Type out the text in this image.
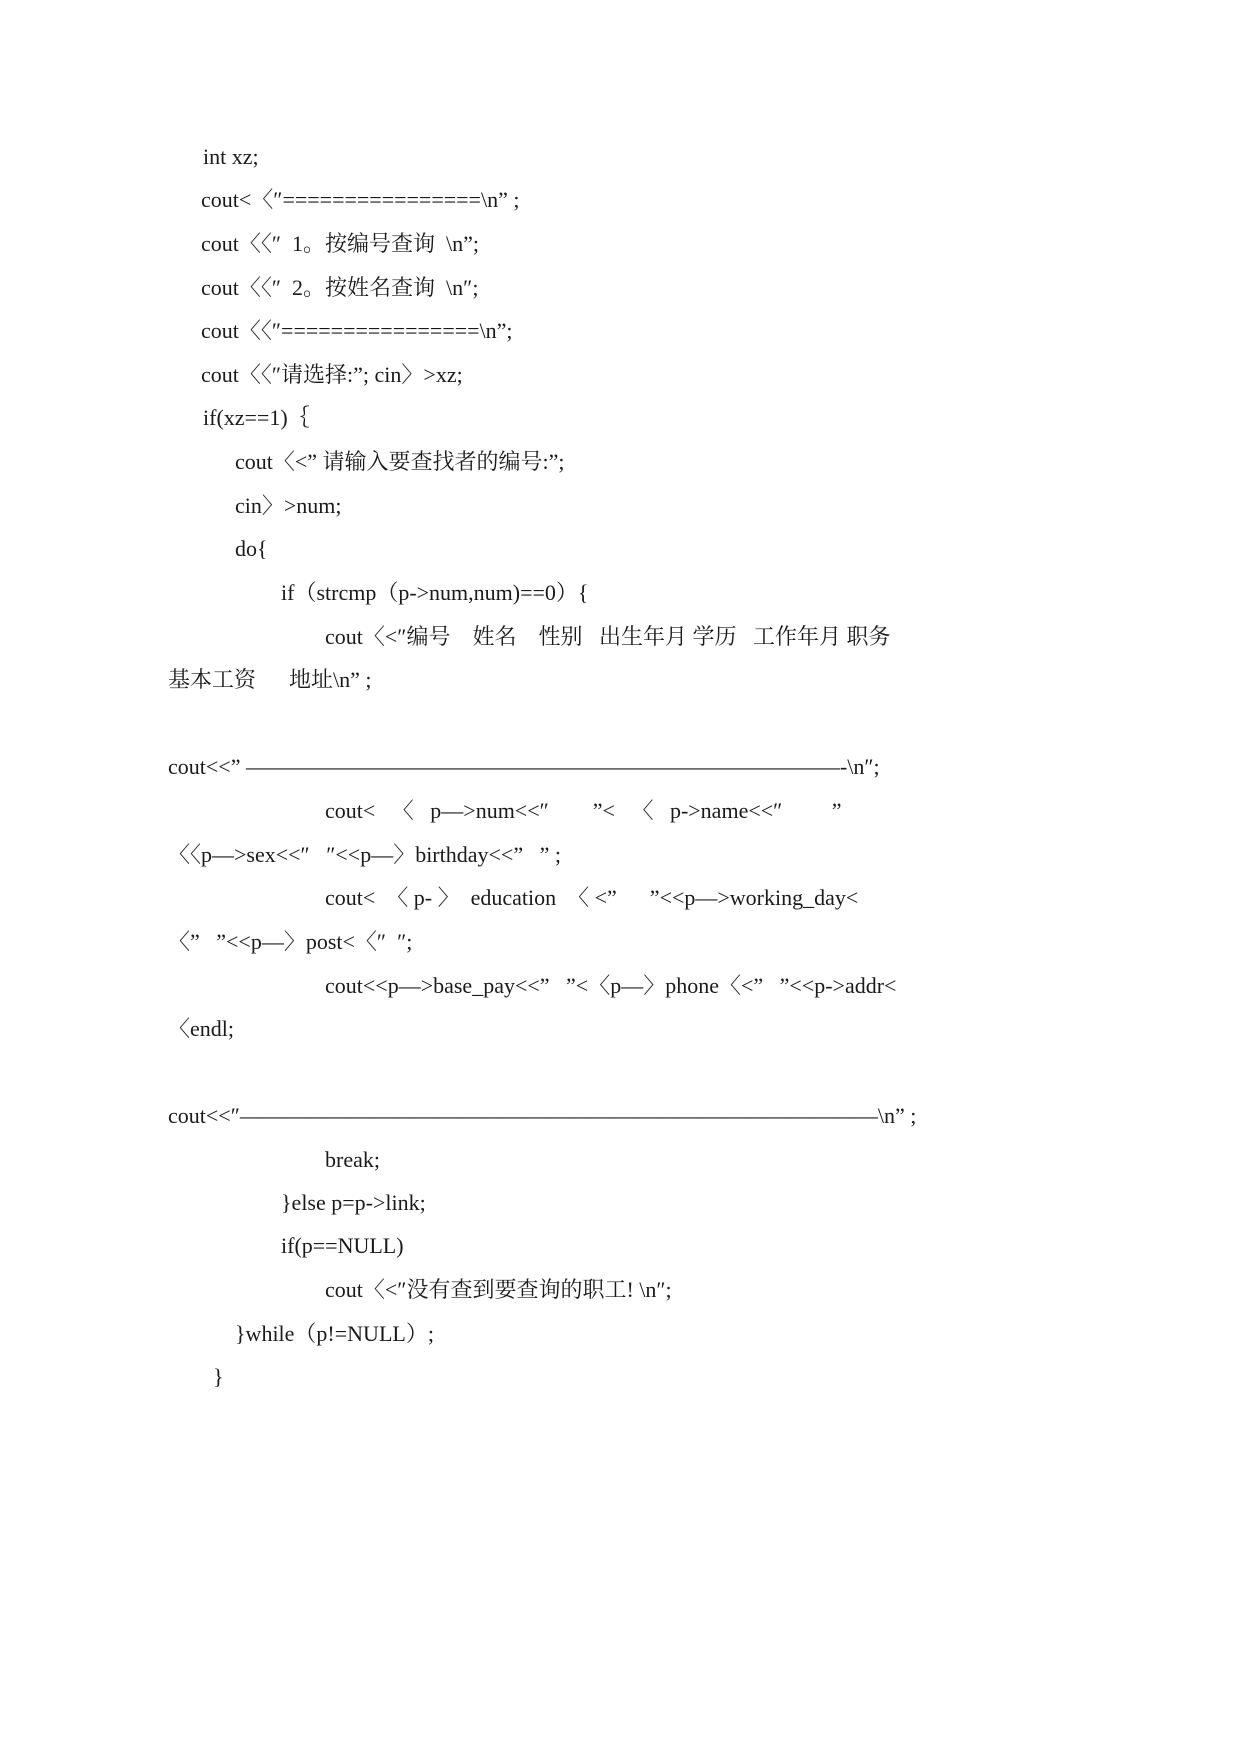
int xz;
cout<〈″================\n” ;
cout〈〈″  1。按编号查询  \n”;
cout〈〈″  2。按姓名查询  \n″;
cout〈〈″================\n”;
cout〈〈″请选择:”; cin〉>xz;
if(xz==1)｛
cout〈<” 请输入要查找者的编号:”;
cin〉>num;
do{
if（strcmp（p->num,num)==0）{
cout〈<″编号    姓名    性别   出生年月 学历   工作年月 职务
基本工资      地址\n” ;
cout<<” ———————————————————————————-\n″;
cout<   〈   p—>num<<″        ”<   〈   p->name<<″         ”
〈〈p—>sex<<″   ″<<p—〉birthday<<”   ” ;
cout<  〈 p- 〉  education  〈 <”      ”<<p—>working_day<
〈”   ”<<p—〉post<〈″  ″;
cout<<p—>base_pay<<”   ”<〈p—〉phone〈<”   ”<<p->addr<
〈endl;
cout<<″—————————————————————————————\n” ;
break;
}else p=p->link;
if(p==NULL)
cout〈<″没有查到要查询的职工! \n″;
}while（p!=NULL）;
}
